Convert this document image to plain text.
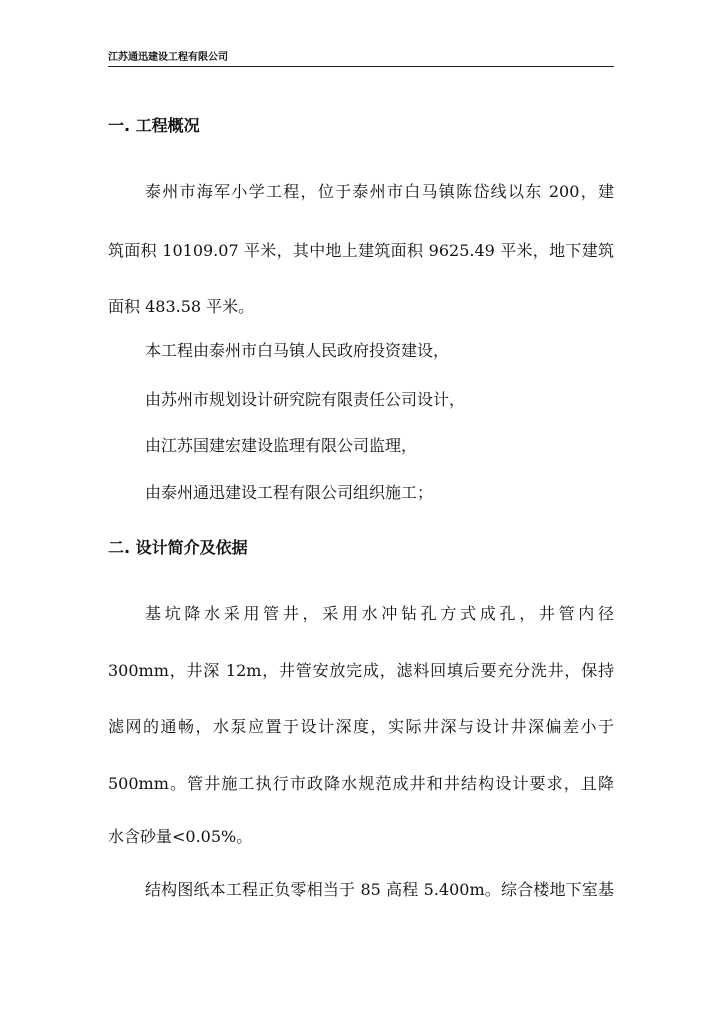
江苏通迅建设工程有限公司
一. 工程概况
泰州市海军小学工程，位于泰州市白马镇陈岱线以东 200，建
筑面积 10109.07 平米，其中地上建筑面积 9625.49 平米，地下建筑
面积 483.58 平米。
本工程由泰州市白马镇人民政府投资建设，
由苏州市规划设计研究院有限责任公司设计，
由江苏国建宏建设监理有限公司监理，
由泰州通迅建设工程有限公司组织施工；
二. 设计简介及依据
基坑降水采用管井，采用水冲钻孔方式成孔，井管内径
300mm，井深 12m，井管安放完成，滤料回填后要充分洗井，保持
滤网的通畅，水泵应置于设计深度，实际井深与设计井深偏差小于
500mm。管井施工执行市政降水规范成井和井结构设计要求，且降
水含砂量<0.05%。
结构图纸本工程正负零相当于 85 高程 5.400m。综合楼地下室基
